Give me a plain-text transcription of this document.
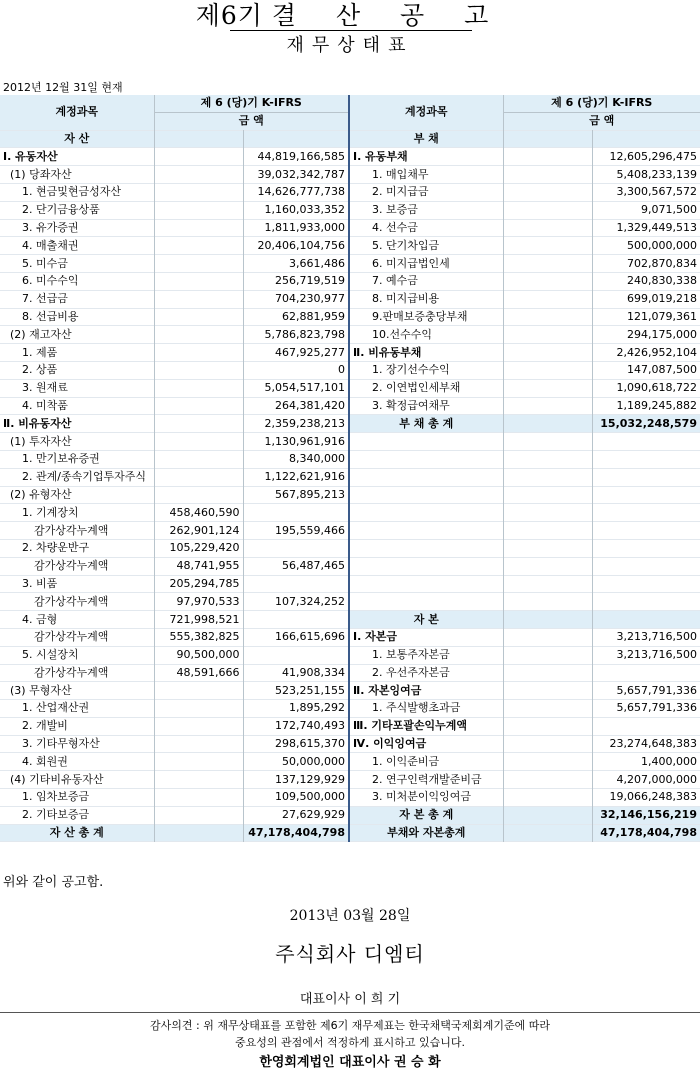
제6기 결 산 공 고
재무상태표
2012년 12월 31일 현재
계정과목	제 6 (당)기 K-IFRS		계정과목	제 6 (당)기 K-IFRS	
	금 액			금 액	
자 산			부 채		
Ⅰ. 유동자산		44,819,166,585	Ⅰ. 유동부채		12,605,296,475
(1) 당좌자산		39,032,342,787	1. 매입채무		5,408,233,139
1. 현금및현금성자산		14,626,777,738	2. 미지급금		3,300,567,572
2. 단기금융상품		1,160,033,352	3. 보증금		9,071,500
3. 유가증권		1,811,933,000	4. 선수금		1,329,449,513
4. 매출채권		20,406,104,756	5. 단기차입금		500,000,000
5. 미수금		3,661,486	6. 미지급법인세		702,870,834
6. 미수수익		256,719,519	7. 예수금		240,830,338
7. 선급금		704,230,977	8. 미지급비용		699,019,218
8. 선급비용		62,881,959	9.판매보증충당부채		121,079,361
(2) 재고자산		5,786,823,798	10.선수수익		294,175,000
1. 제품		467,925,277	Ⅱ. 비유동부채		2,426,952,104
2. 상품		0	1. 장기선수수익		147,087,500
3. 원재료		5,054,517,101	2. 이연법인세부채		1,090,618,722
4. 미착품		264,381,420	3. 확정급여채무		1,189,245,882
Ⅱ. 비유동자산		2,359,238,213	부 채 총 계		15,032,248,579
(1) 투자자산		1,130,961,916			
1. 만기보유증권		8,340,000			
2. 관계/종속기업투자주식		1,122,621,916			
(2) 유형자산		567,895,213			
1. 기계장치	458,460,590				
감가상각누계액	262,901,124	195,559,466			
2. 차량운반구	105,229,420				
감가상각누계액	48,741,955	56,487,465			
3. 비품	205,294,785				
감가상각누계액	97,970,533	107,324,252			
4. 금형	721,998,521		자 본		
감가상각누계액	555,382,825	166,615,696	Ⅰ. 자본금		3,213,716,500
5. 시설장치	90,500,000		1. 보통주자본금		3,213,716,500
감가상각누계액	48,591,666	41,908,334	2. 우선주자본금		
(3) 무형자산		523,251,155	Ⅱ. 자본잉여금		5,657,791,336
1. 산업재산권		1,895,292	1. 주식발행초과금		5,657,791,336
2. 개발비		172,740,493	Ⅲ. 기타포괄손익누계액		
3. 기타무형자산		298,615,370	Ⅳ. 이익잉여금		23,274,648,383
4. 회원권		50,000,000	1. 이익준비금		1,400,000
(4) 기타비유동자산		137,129,929	2. 연구인력개발준비금		4,207,000,000
1. 임차보증금		109,500,000	3. 미처분이익잉여금		19,066,248,383
2. 기타보증금		27,629,929	자 본 총 계		32,146,156,219
자 산 총 계		47,178,404,798	부채와 자본총계		47,178,404,798
위와 같이 공고함.
2013년 03월 28일
주식회사 디엠티
대표이사 이 희 기
감사의견 : 위 재무상태표를 포함한 제6기 재무제표는 한국채택국제회계기준에 따라
중요성의 관점에서 적정하게 표시하고 있습니다.
한영회계법인 대표이사 권 승 화
